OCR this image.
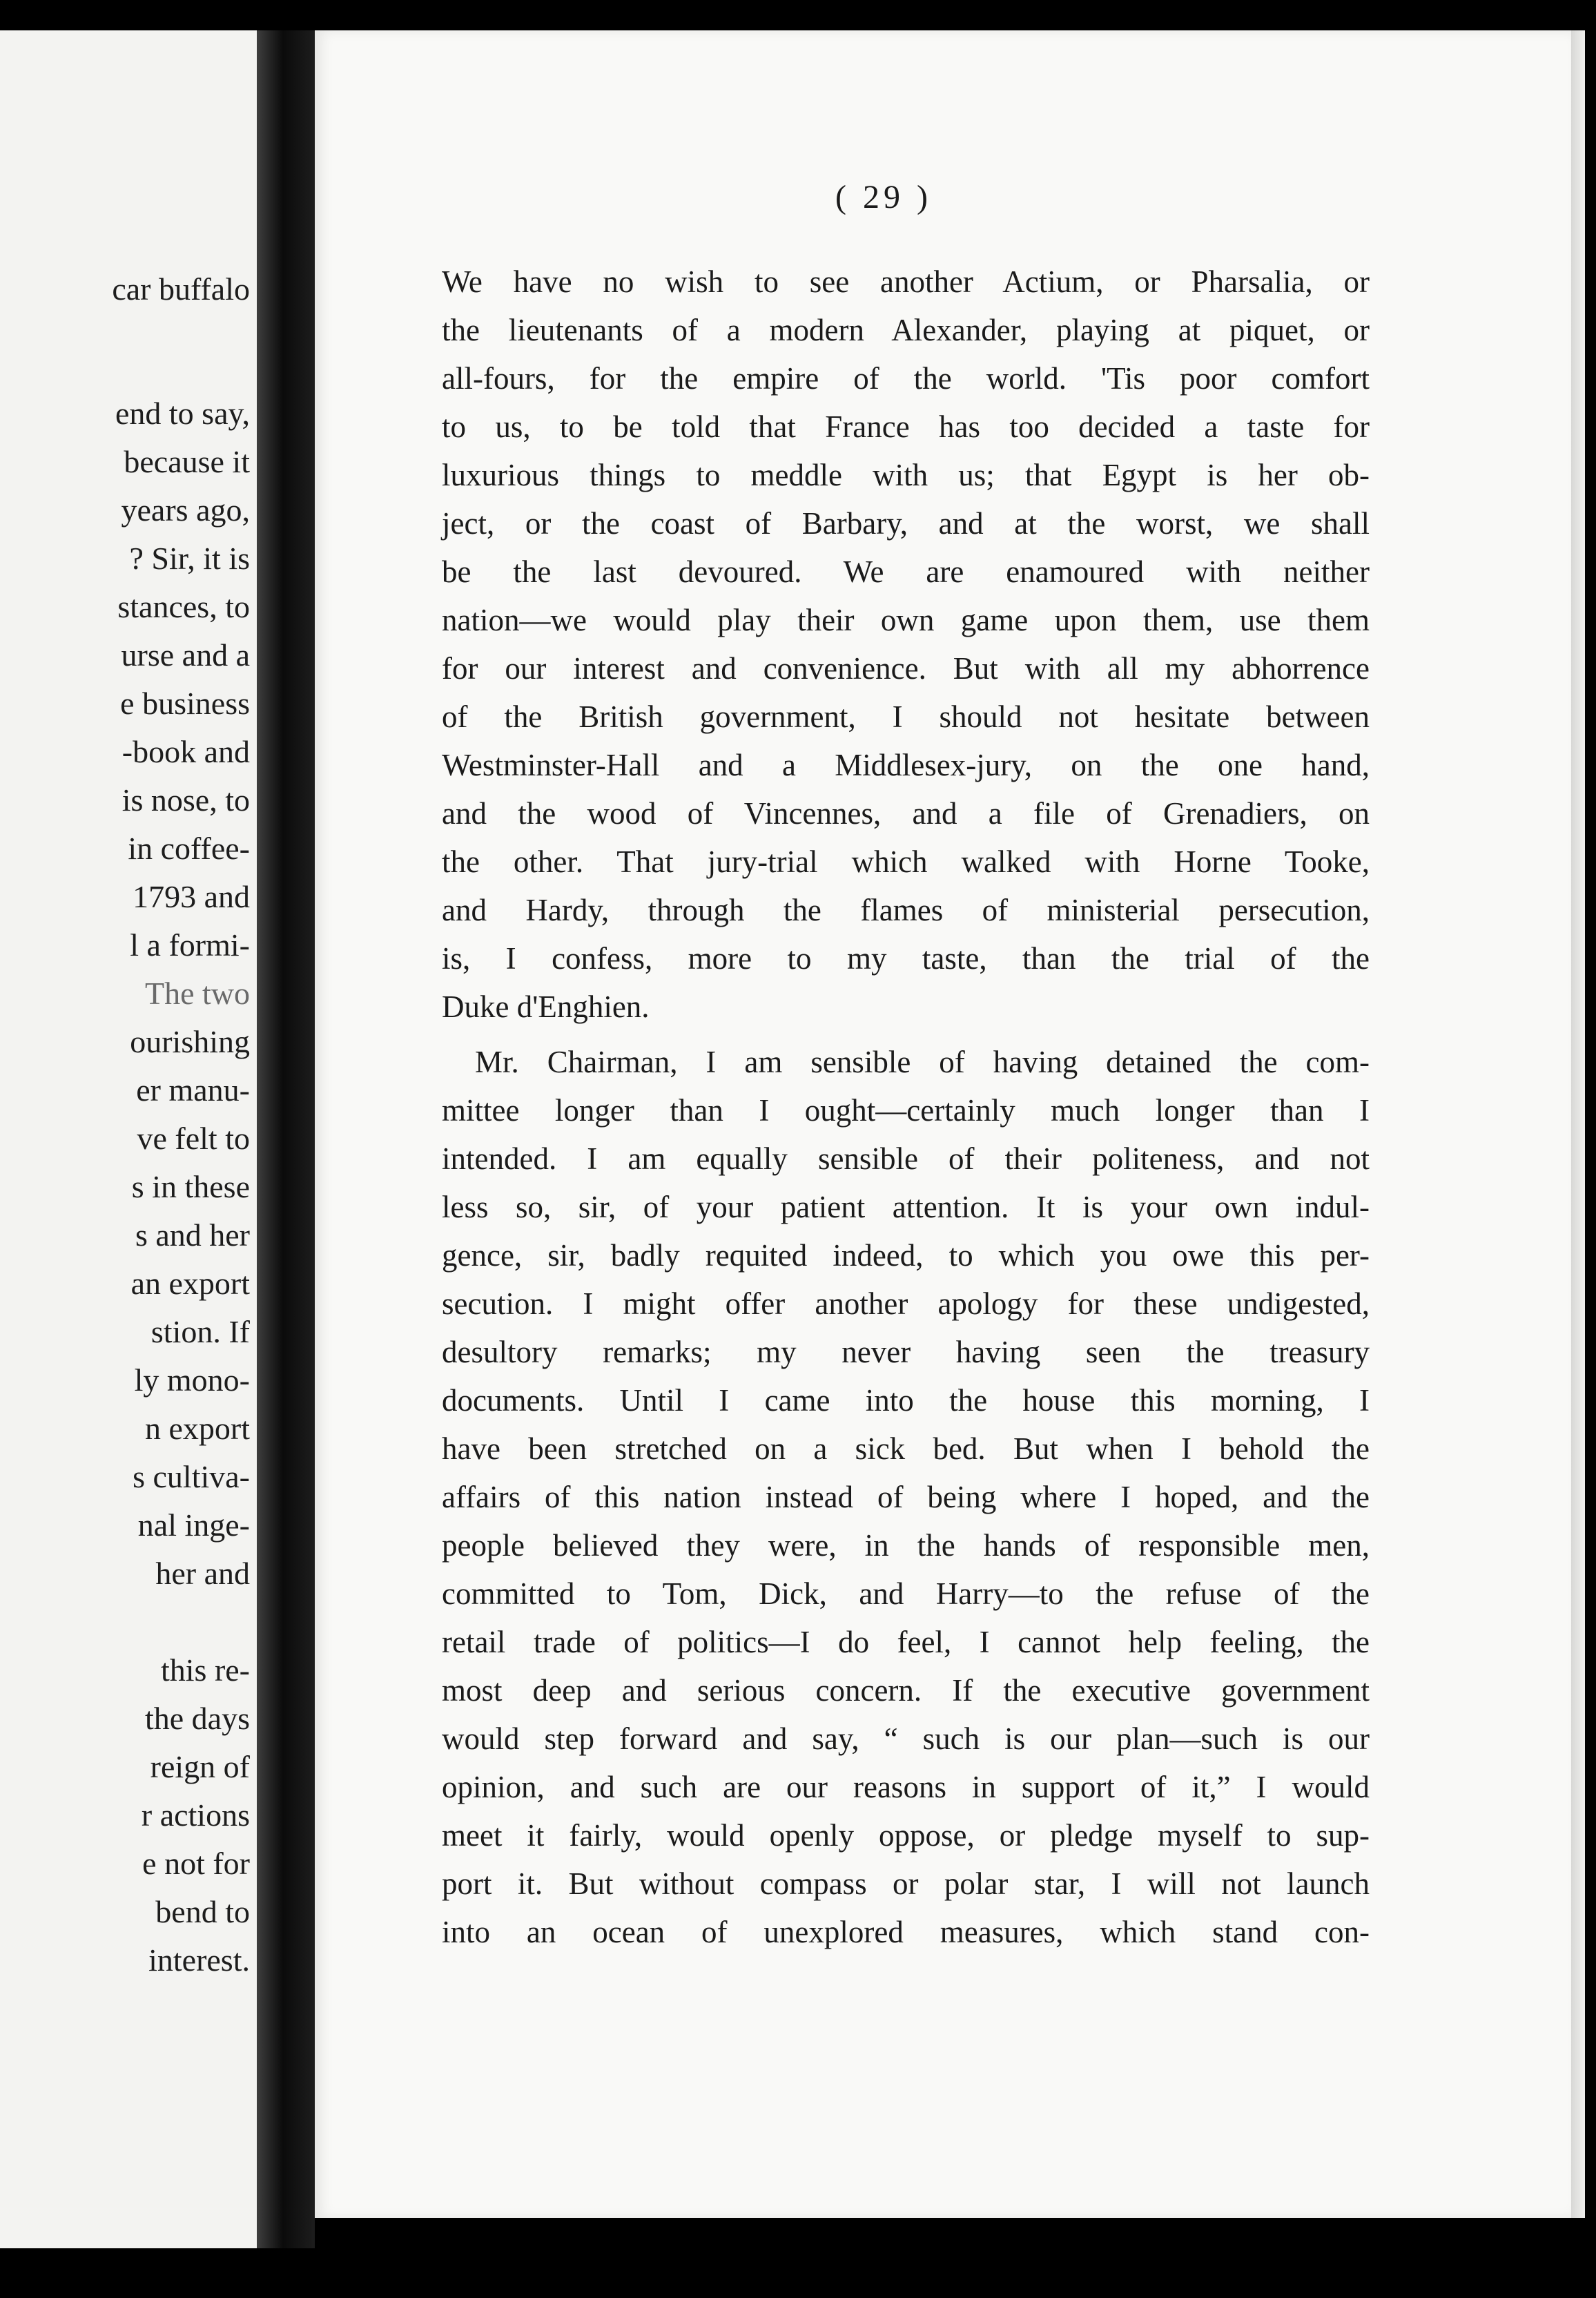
car buffalo
end to say,
because it
years ago,
? Sir, it is
stances, to
urse and a
e business
-book and
is nose, to
in coffee-
1793 and
l a formi-
The two
ourishing
er manu-
ve felt to
s in these
s and her
an export
stion. If
ly mono-
n export
s cultiva-
nal inge-
her and
this re-
the days
reign of
r actions
e not for
bend to
interest.
( 29 )
We have no wish to see another Actium, or Pharsalia, or
the lieutenants of a modern Alexander, playing at piquet, or
all-fours, for the empire of the world. 'Tis poor comfort
to us, to be told that France has too decided a taste for
luxurious things to meddle with us; that Egypt is her ob-
ject, or the coast of Barbary, and at the worst, we shall
be the last devoured. We are enamoured with neither
nation—we would play their own game upon them, use them
for our interest and convenience. But with all my abhorrence
of the British government, I should not hesitate between
Westminster-Hall and a Middlesex-jury, on the one hand,
and the wood of Vincennes, and a file of Grenadiers, on
the other. That jury-trial which walked with Horne Tooke,
and Hardy, through the flames of ministerial persecution,
is, I confess, more to my taste, than the trial of the
Duke d'Enghien.
Mr. Chairman, I am sensible of having detained the com-
mittee longer than I ought—certainly much longer than I
intended. I am equally sensible of their politeness, and not
less so, sir, of your patient attention. It is your own indul-
gence, sir, badly requited indeed, to which you owe this per-
secution. I might offer another apology for these undigested,
desultory remarks; my never having seen the treasury
documents. Until I came into the house this morning, I
have been stretched on a sick bed. But when I behold the
affairs of this nation instead of being where I hoped, and the
people believed they were, in the hands of responsible men,
committed to Tom, Dick, and Harry—to the refuse of the
retail trade of politics—I do feel, I cannot help feeling, the
most deep and serious concern. If the executive government
would step forward and say, “ such is our plan—such is our
opinion, and such are our reasons in support of it,” I would
meet it fairly, would openly oppose, or pledge myself to sup-
port it. But without compass or polar star, I will not launch
into an ocean of unexplored measures, which stand con-
